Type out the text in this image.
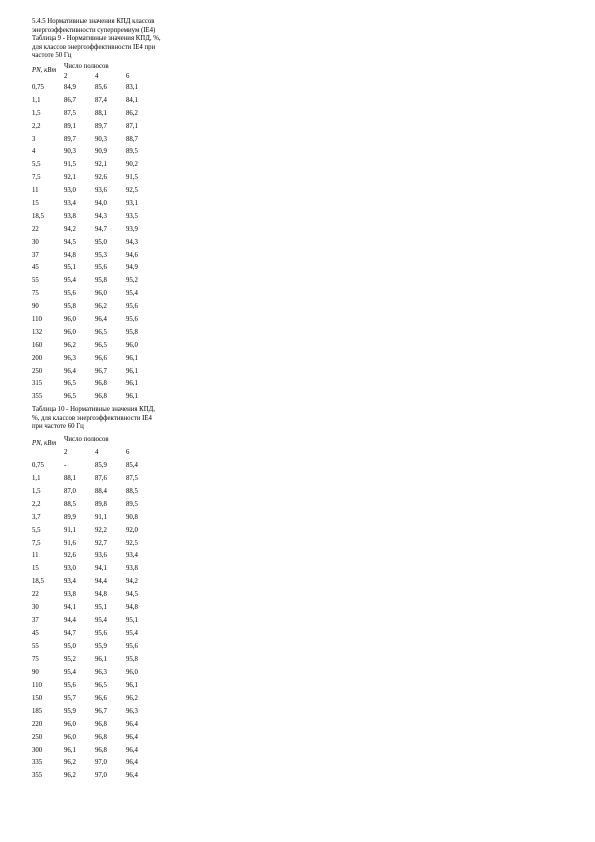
5.4.5 Нормативные значения КПД классов энергоэффективности суперпремиум (IE4)
Таблица 9 - Нормативные значения КПД, %, для классов энергоэффективности IE4 при частоте 50 Гц
PN, кВт	Число полюсов		
	2	4	6
0,75	84,9	85,6	83,1
1,1	86,7	87,4	84,1
1,5	87,5	88,1	86,2
2,2	89,1	89,7	87,1
3	89,7	90,3	88,7
4	90,3	90,9	89,5
5,5	91,5	92,1	90,2
7,5	92,1	92,6	91,5
11	93,0	93,6	92,5
15	93,4	94,0	93,1
18,5	93,8	94,3	93,5
22	94,2	94,7	93,9
30	94,5	95,0	94,3
37	94,8	95,3	94,6
45	95,1	95,6	94,9
55	95,4	95,8	95,2
75	95,6	96,0	95,4
90	95,8	96,2	95,6
110	96,0	96,4	95,6
132	96,0	96,5	95,8
160	96,2	96,5	96,0
200	96,3	96,6	96,1
250	96,4	96,7	96,1
315	96,5	96,8	96,1
355	96,5	96,8	96,1
Таблица 10 - Нормативные значения КПД, %, для классов энергоэффективности IE4 при частоте 60 Гц
PN, кВт	Число полюсов		
	2	4	6
0,75	-	85,9	85,4
1,1	88,1	87,6	87,5
1,5	87,0	88,4	88,5
2,2	88,5	89,8	89,5
3,7	89,9	91,1	90,8
5,5	91,1	92,2	92,0
7,5	91,6	92,7	92,5
11	92,6	93,6	93,4
15	93,0	94,1	93,8
18,5	93,4	94,4	94,2
22	93,8	94,8	94,5
30	94,1	95,1	94,8
37	94,4	95,4	95,1
45	94,7	95,6	95,4
55	95,0	95,9	95,6
75	95,2	96,1	95,8
90	95,4	96,3	96,0
110	95,6	96,5	96,1
150	95,7	96,6	96,2
185	95,9	96,7	96,3
220	96,0	96,8	96,4
250	96,0	96,8	96,4
300	96,1	96,8	96,4
335	96,2	97,0	96,4
355	96,2	97,0	96,4
